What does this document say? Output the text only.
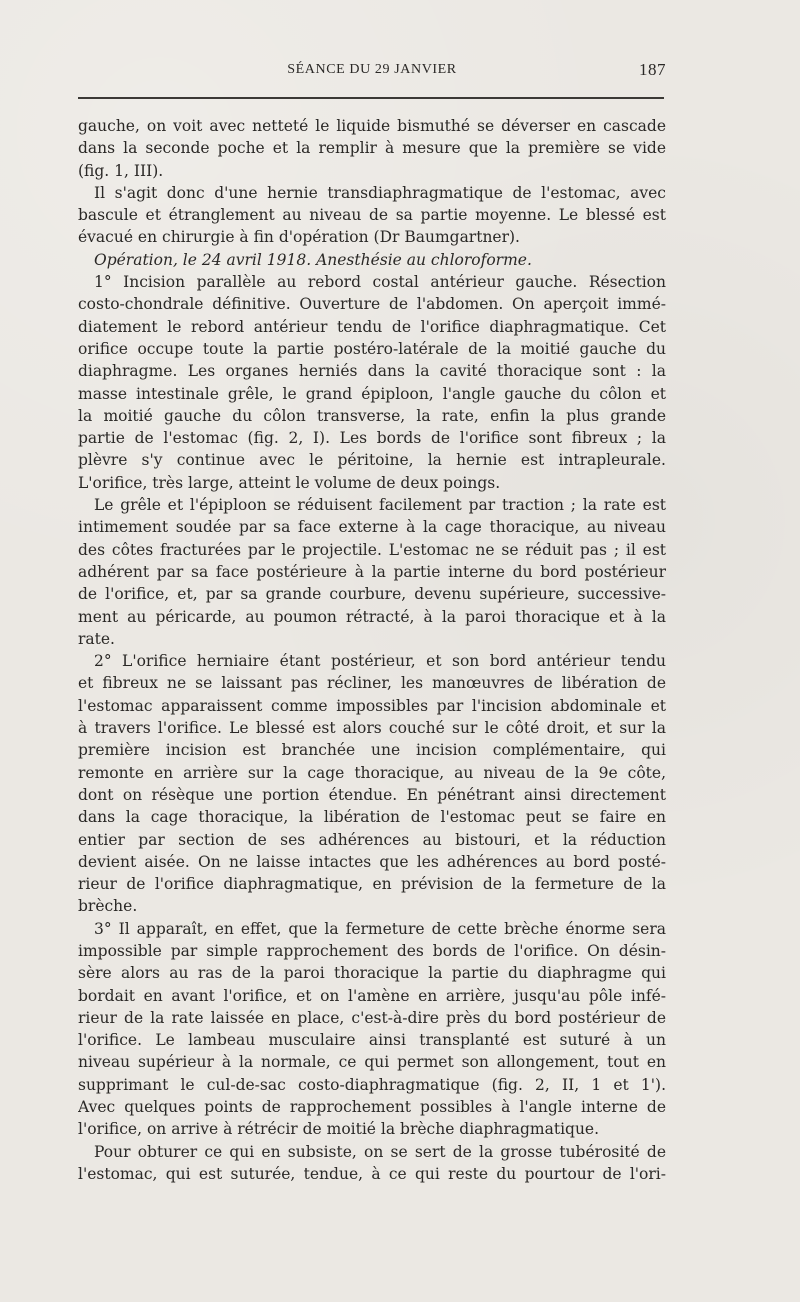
SÉANCE DU 29 JANVIER	187
gauche, on voit avec netteté le liquide bismuthé se déverser en cascade
dans la seconde poche et la remplir à mesure que la première se vide
(fig. 1, III).
Il s'agit donc d'une hernie transdiaphragmatique de l'estomac, avec
bascule et étranglement au niveau de sa partie moyenne. Le blessé est
évacué en chirurgie à fin d'opération (Dr Baumgartner).
Opération, le 24 avril 1918. Anesthésie au chloroforme.
1° Incision parallèle au rebord costal antérieur gauche. Résection
costo-chondrale définitive. Ouverture de l'abdomen. On aperçoit immé-
diatement le rebord antérieur tendu de l'orifice diaphragmatique. Cet
orifice occupe toute la partie postéro-latérale de la moitié gauche du
diaphragme. Les organes herniés dans la cavité thoracique sont : la
masse intestinale grêle, le grand épiploon, l'angle gauche du côlon et
la moitié gauche du côlon transverse, la rate, enfin la plus grande
partie de l'estomac (fig. 2, I). Les bords de l'orifice sont fibreux ; la
plèvre s'y continue avec le péritoine, la hernie est intrapleurale.
L'orifice, très large, atteint le volume de deux poings.
Le grêle et l'épiploon se réduisent facilement par traction ; la rate est
intimement soudée par sa face externe à la cage thoracique, au niveau
des côtes fracturées par le projectile. L'estomac ne se réduit pas ; il est
adhérent par sa face postérieure à la partie interne du bord postérieur
de l'orifice, et, par sa grande courbure, devenu supérieure, successive-
ment au péricarde, au poumon rétracté, à la paroi thoracique et à la
rate.
2° L'orifice herniaire étant postérieur, et son bord antérieur tendu
et fibreux ne se laissant pas récliner, les manœuvres de libération de
l'estomac apparaissent comme impossibles par l'incision abdominale et
à travers l'orifice. Le blessé est alors couché sur le côté droit, et sur la
première incision est branchée une incision complémentaire, qui
remonte en arrière sur la cage thoracique, au niveau de la 9e côte,
dont on résèque une portion étendue. En pénétrant ainsi directement
dans la cage thoracique, la libération de l'estomac peut se faire en
entier par section de ses adhérences au bistouri, et la réduction
devient aisée. On ne laisse intactes que les adhérences au bord posté-
rieur de l'orifice diaphragmatique, en prévision de la fermeture de la
brèche.
3° Il apparaît, en effet, que la fermeture de cette brèche énorme sera
impossible par simple rapprochement des bords de l'orifice. On désin-
sère alors au ras de la paroi thoracique la partie du diaphragme qui
bordait en avant l'orifice, et on l'amène en arrière, jusqu'au pôle infé-
rieur de la rate laissée en place, c'est-à-dire près du bord postérieur de
l'orifice. Le lambeau musculaire ainsi transplanté est suturé à un
niveau supérieur à la normale, ce qui permet son allongement, tout en
supprimant le cul-de-sac costo-diaphragmatique (fig. 2, II, 1 et 1').
Avec quelques points de rapprochement possibles à l'angle interne de
l'orifice, on arrive à rétrécir de moitié la brèche diaphragmatique.
Pour obturer ce qui en subsiste, on se sert de la grosse tubérosité de
l'estomac, qui est suturée, tendue, à ce qui reste du pourtour de l'ori-
